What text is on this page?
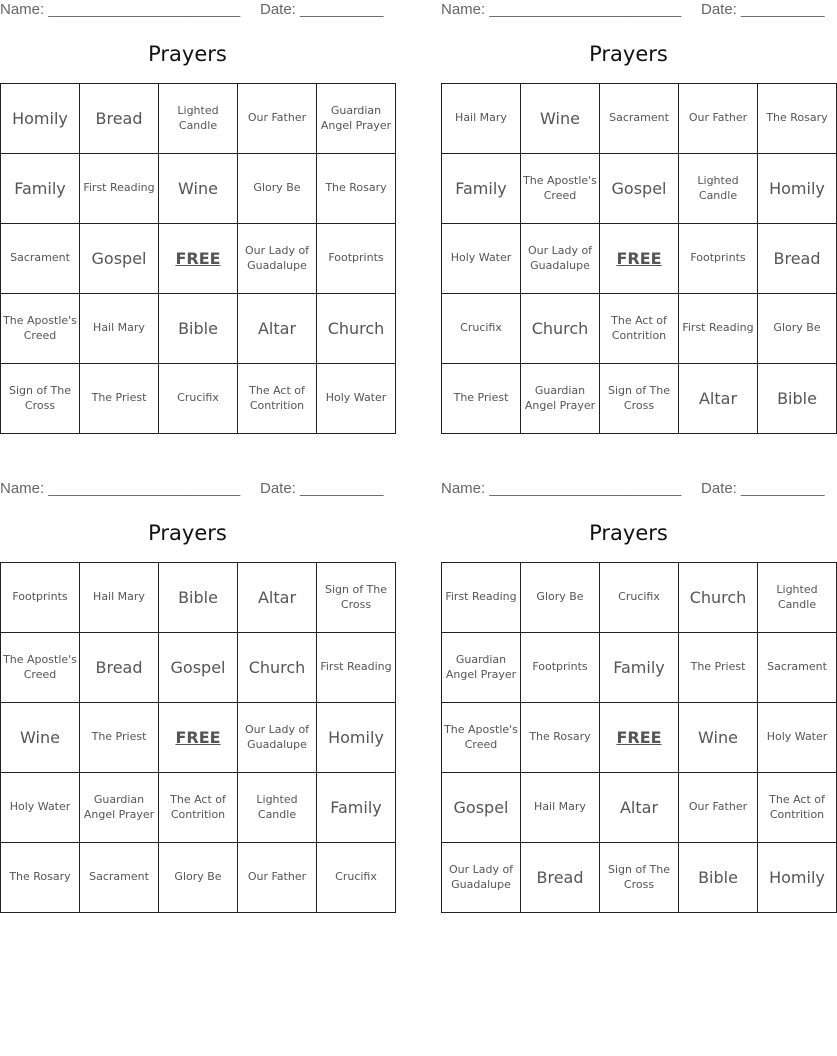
Name: _______________________ Date: __________
Prayers
Homily	Bread	Lighted Candle	Our Father	Guardian Angel Prayer
Family	First Reading	Wine	Glory Be	The Rosary
Sacrament	Gospel	FREE	Our Lady of Guadalupe	Footprints
The Apostle's Creed	Hail Mary	Bible	Altar	Church
Sign of The Cross	The Priest	Crucifix	The Act of Contrition	Holy Water
Name: _______________________ Date: __________
Prayers
Hail Mary	Wine	Sacrament	Our Father	The Rosary
Family	The Apostle's Creed	Gospel	Lighted Candle	Homily
Holy Water	Our Lady of Guadalupe	FREE	Footprints	Bread
Crucifix	Church	The Act of Contrition	First Reading	Glory Be
The Priest	Guardian Angel Prayer	Sign of The Cross	Altar	Bible
Name: _______________________ Date: __________
Prayers
Footprints	Hail Mary	Bible	Altar	Sign of The Cross
The Apostle's Creed	Bread	Gospel	Church	First Reading
Wine	The Priest	FREE	Our Lady of Guadalupe	Homily
Holy Water	Guardian Angel Prayer	The Act of Contrition	Lighted Candle	Family
The Rosary	Sacrament	Glory Be	Our Father	Crucifix
Name: _______________________ Date: __________
Prayers
First Reading	Glory Be	Crucifix	Church	Lighted Candle
Guardian Angel Prayer	Footprints	Family	The Priest	Sacrament
The Apostle's Creed	The Rosary	FREE	Wine	Holy Water
Gospel	Hail Mary	Altar	Our Father	The Act of Contrition
Our Lady of Guadalupe	Bread	Sign of The Cross	Bible	Homily
